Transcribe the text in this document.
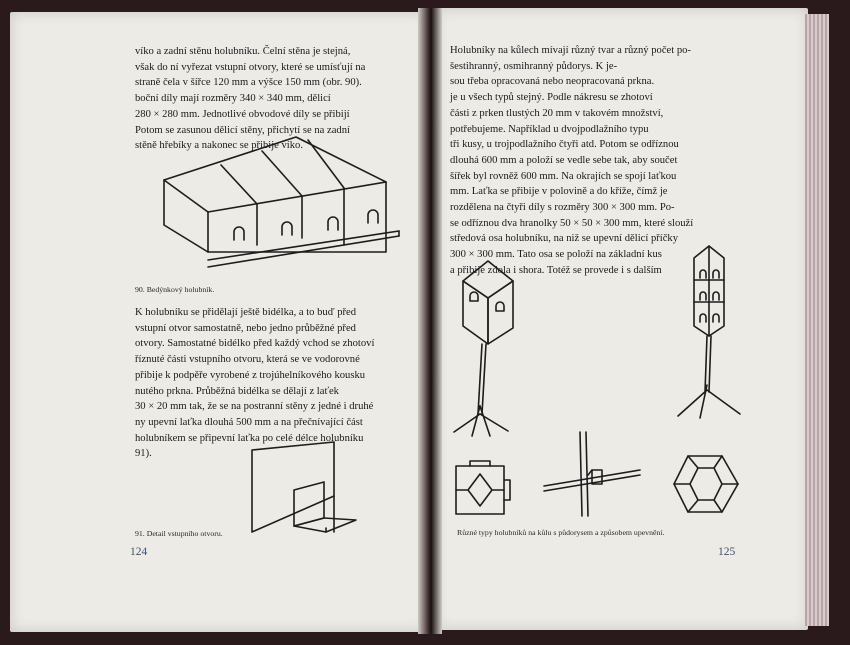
víko a zadní stěnu holubníku. Čelní stěna je stejná,
však do ní vyřezat vstupní otvory, které se umísťují na
straně čela v šířce 120 mm a výšce 150 mm (obr. 90).
boční díly mají rozměry 340 × 340 mm, dělicí
280 × 280 mm. Jednotlivé obvodové díly se přibijí
Potom se zasunou dělicí stěny, přichytí se na zadní
stěně hřebíky a nakonec se přibije víko.
90. Bedýnkový holubník.
K holubníku se přidělají ještě bidélka, a to buď před
vstupní otvor samostatně, nebo jedno průběžné před
otvory. Samostatné bidélko před každý vchod se zhotoví
říznuté části vstupního otvoru, která se ve vodorovné
přibije k podpěře vyrobené z trojúhelníkového kousku
nutého prkna. Průběžná bidélka se dělají z laťek
30 × 20 mm tak, že se na postranní stěny z jedné i druhé
ny upevní laťka dlouhá 500 mm a na přečnívající část
holubníkem se připevní laťka po celé délce holubníku
91).
91. Detail vstupního otvoru.
124
Holubníky na kůlech mívají různý tvar a různý počet po-
šestihranný, osmihranný půdorys. K je-
sou třeba opracovaná nebo neopracovaná prkna.
je u všech typů stejný. Podle nákresu se zhotoví
části z prken tlustých 20 mm v takovém množství,
potřebujeme. Například u dvojpodlažního typu
tři kusy, u trojpodlažního čtyři atd. Potom se odříznou
dlouhá 600 mm a položí se vedle sebe tak, aby součet
šířek byl rovněž 600 mm. Na okrajích se spojí laťkou
mm. Laťka se přibije v polovině a do kříže, čímž je
rozdělena na čtyři díly s rozměry 300 × 300 mm. Po-
se odříznou dva hranolky 50 × 50 × 300 mm, které slouží
středová osa holubníku, na niž se upevní dělicí příčky
300 × 300 mm. Tato osa se položí na základní kus
a přibije zdola i shora. Totéž se provede i s dalším
Různé typy holubníků na kůlu s půdorysem a způsobem upevnění.
125
